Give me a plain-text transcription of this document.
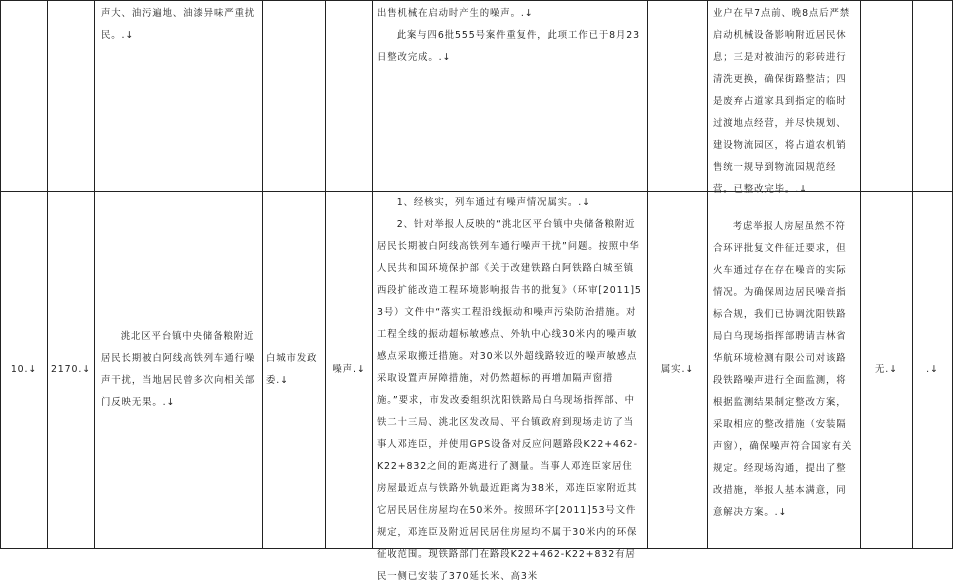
声大、油污遍地、油漆异味严重扰民。.↓
出售机械在启动时产生的噪声。.↓
此案与四6批555号案件重复件，此项工作已于8月23日整改完成。.↓
业户在早7点前、晚8点后严禁启动机械设备影响附近居民休息；三是对被油污的彩砖进行清洗更换，确保街路整洁；四是废弃占道家具到指定的临时过渡地点经营，并尽快规划、建设物流园区，将占道农机销售统一规导到物流园规范经营。已整改完毕。.↓
10.↓	2170.↓
洮北区平台镇中央储备粮附近居民长期被白阿线高铁列车通行噪声干扰，当地居民曾多次向相关部门反映无果。.↓
白城市发政委.↓
噪声.↓
1、经核实，列车通过有噪声情况属实。.↓
2、针对举报人反映的“洮北区平台镇中央储备粮附近居民长期被白阿线高铁列车通行噪声干扰”问题。按照中华人民共和国环境保护部《关于改建铁路白阿铁路白城至镇西段扩能改造工程环境影响报告书的批复》（环审[2011]53号）文件中“落实工程沿线振动和噪声污染防治措施。对工程全线的振动超标敏感点、外轨中心线30米内的噪声敏感点采取搬迁措施。对30米以外超线路较近的噪声敏感点采取设置声屏障措施，对仍然超标的再增加隔声窗措施。”要求，市发改委组织沈阳铁路局白乌现场指挥部、中铁二十三局、洮北区发改局、平台镇政府到现场走访了当事人邓连臣，并使用GPS设备对反应问题路段K22+462-K22+832之间的距离进行了测量。当事人邓连臣家居住房屋最近点与铁路外轨最近距离为38米，邓连臣家附近其它居民居住房屋均在50米外。按照环字[2011]53号文件规定，邓连臣及附近居民居住房屋均不属于30米内的环保征收范围。现铁路部门在路段K22+462-K22+832有居民一侧已安装了370延长米、高3米
属实.↓
考虑举报人房屋虽然不符合环评批复文件征迁要求，但火车通过存在存在噪音的实际情况。为确保周边居民噪音指标合规，我们已协调沈阳铁路局白乌现场指挥部聘请吉林省华航环境检测有限公司对该路段铁路噪声进行全面监测，将根据监测结果制定整改方案，采取相应的整改措施（安装隔声窗），确保噪声符合国家有关规定。经现场沟通，提出了整改措施，举报人基本满意，同意解决方案。.↓
无.↓	.↓
